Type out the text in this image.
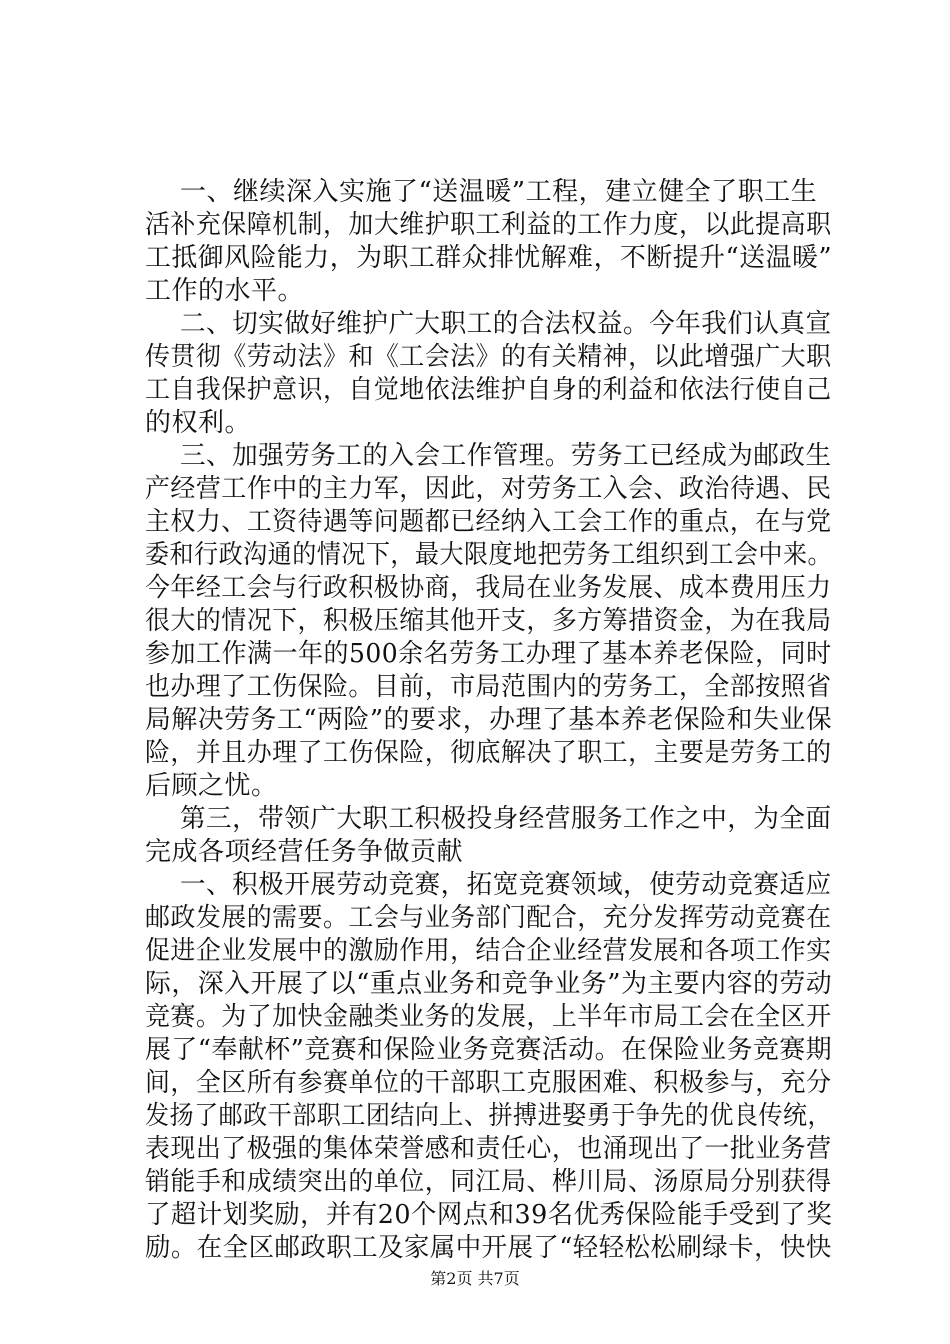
一、继续深入实施了“送温暖”工程，建立健全了职工生
活补充保障机制，加大维护职工利益的工作力度，以此提高职
工抵御风险能力，为职工群众排忧解难，不断提升“送温暖”
工作的水平。
二、切实做好维护广大职工的合法权益。今年我们认真宣
传贯彻《劳动法》和《工会法》的有关精神，以此增强广大职
工自我保护意识，自觉地依法维护自身的利益和依法行使自己
的权利。
三、加强劳务工的入会工作管理。劳务工已经成为邮政生
产经营工作中的主力军，因此，对劳务工入会、政治待遇、民
主权力、工资待遇等问题都已经纳入工会工作的重点，在与党
委和行政沟通的情况下，最大限度地把劳务工组织到工会中来。
今年经工会与行政积极协商，我局在业务发展、成本费用压力
很大的情况下，积极压缩其他开支，多方筹措资金，为在我局
参加工作满一年的500余名劳务工办理了基本养老保险，同时
也办理了工伤保险。目前，市局范围内的劳务工，全部按照省
局解决劳务工“两险”的要求，办理了基本养老保险和失业保
险，并且办理了工伤保险，彻底解决了职工，主要是劳务工的
后顾之忧。
第三，带领广大职工积极投身经营服务工作之中，为全面
完成各项经营任务争做贡献
一、积极开展劳动竞赛，拓宽竞赛领域，使劳动竞赛适应
邮政发展的需要。工会与业务部门配合，充分发挥劳动竞赛在
促进企业发展中的激励作用，结合企业经营发展和各项工作实
际，深入开展了以“重点业务和竞争业务”为主要内容的劳动
竞赛。为了加快金融类业务的发展，上半年市局工会在全区开
展了“奉献杯”竞赛和保险业务竞赛活动。在保险业务竞赛期
间，全区所有参赛单位的干部职工克服困难、积极参与，充分
发扬了邮政干部职工团结向上、拼搏进娶勇于争先的优良传统，
表现出了极强的集体荣誉感和责任心，也涌现出了一批业务营
销能手和成绩突出的单位，同江局、桦川局、汤原局分别获得
了超计划奖励，并有20个网点和39名优秀保险能手受到了奖
励。在全区邮政职工及家属中开展了“轻轻松松刷绿卡，快快
第2页 共7页
